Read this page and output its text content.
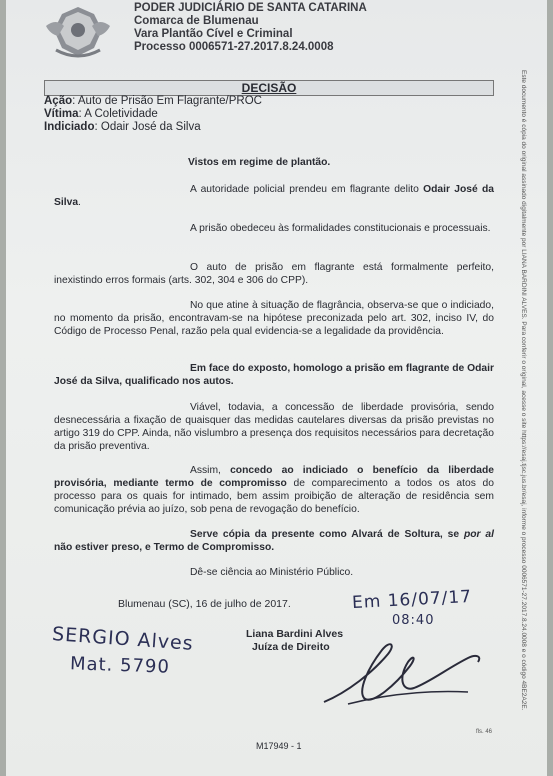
PODER JUDICIÁRIO DE SANTA CATARINA
Comarca de Blumenau
Vara Plantão Cível e Criminal
Processo 0006571-27.2017.8.24.0008
Este documento é cópia do original assinado digitalmente por LIANA BARDINI ALVES. Para conferir o original, acesse o site https://esaj.tjsc.jus.br/esaj, informe o processo 0006571-27.2017.8.24.0008 e o código 4BE2A2E.
DECISÃO
Ação: Auto de Prisão Em Flagrante/PROC
Vítima: A Coletividade
Indiciado: Odair José da Silva
Vistos em regime de plantão.
A autoridade policial prendeu em flagrante delito Odair José da Silva.
A prisão obedeceu às formalidades constitucionais e processuais.
O auto de prisão em flagrante está formalmente perfeito, inexistindo erros formais (arts. 302, 304 e 306 do CPP).
No que atine à situação de flagrância, observa-se que o indiciado, no momento da prisão, encontravam-se na hipótese preconizada pelo art. 302, inciso IV, do Código de Processo Penal, razão pela qual evidencia-se a legalidade da providência.
Em face do exposto, homologo a prisão em flagrante de Odair José da Silva, qualificado nos autos.
Viável, todavia, a concessão de liberdade provisória, sendo desnecessária a fixação de quaisquer das medidas cautelares diversas da prisão previstas no artigo 319 do CPP. Ainda, não vislumbro a presença dos requisitos necessários para decretação da prisão preventiva.
Assim, concedo ao indiciado o benefício da liberdade provisória, mediante termo de compromisso de comparecimento a todos os atos do processo para os quais for intimado, bem assim proibição de alteração de residência sem comunicação prévia ao juízo, sob pena de revogação do benefício.
Serve cópia da presente como Alvará de Soltura, se por al não estiver preso, e Termo de Compromisso.
Dê-se ciência ao Ministério Público.
Blumenau (SC), 16 de julho de 2017.
Liana Bardini Alves
Juíza de Direito
Em 16/07/17
08:40
SERGIO Alves
Mat. 5790
fls. 46
M17949 - 1
